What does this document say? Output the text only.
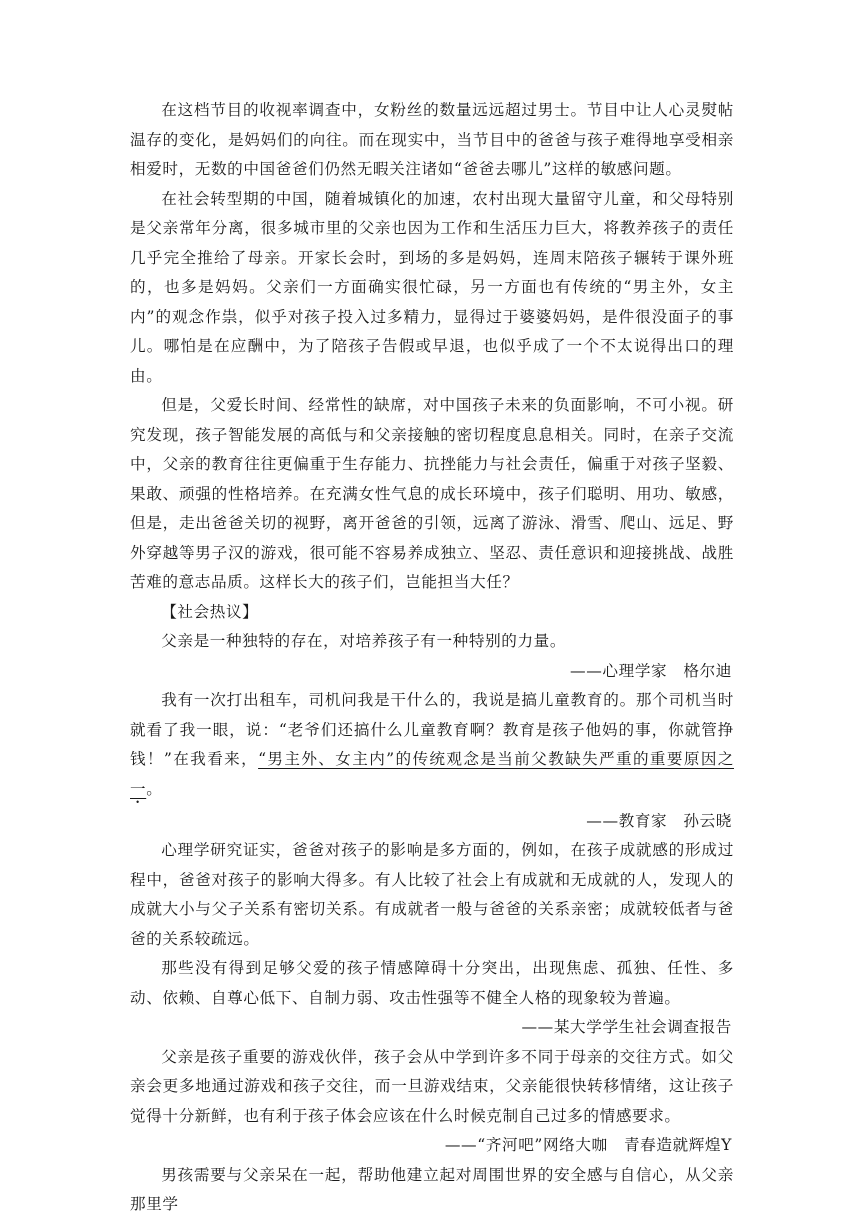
在这档节目的收视率调查中，女粉丝的数量远远超过男士。节目中让人心灵熨帖温存的变化，是妈妈们的向往。而在现实中，当节目中的爸爸与孩子难得地享受相亲相爱时，无数的中国爸爸们仍然无暇关注诸如“爸爸去哪儿”这样的敏感问题。

在社会转型期的中国，随着城镇化的加速，农村出现大量留守儿童，和父母特别是父亲常年分离，很多城市里的父亲也因为工作和生活压力巨大，将教养孩子的责任几乎完全推给了母亲。开家长会时，到场的多是妈妈，连周末陪孩子辗转于课外班的，也多是妈妈。父亲们一方面确实很忙碌，另一方面也有传统的“男主外，女主内”的观念作祟，似乎对孩子投入过多精力，显得过于婆婆妈妈，是件很没面子的事儿。哪怕是在应酬中，为了陪孩子告假或早退，也似乎成了一个不太说得出口的理由。

但是，父爱长时间、经常性的缺席，对中国孩子未来的负面影响，不可小视。研究发现，孩子智能发展的高低与和父亲接触的密切程度息息相关。同时，在亲子交流中，父亲的教育往往更偏重于生存能力、抗挫能力与社会责任，偏重于对孩子坚毅、果敢、顽强的性格培养。在充满女性气息的成长环境中，孩子们聪明、用功、敏感，但是，走出爸爸关切的视野，离开爸爸的引领，远离了游泳、滑雪、爬山、远足、野外穿越等男子汉的游戏，很可能不容易养成独立、坚忍、责任意识和迎接挑战、战胜苦难的意志品质。这样长大的孩子们，岂能担当大任？

【社会热议】

父亲是一种独特的存在，对培养孩子有一种特别的力量。

——心理学家　格尔迪

我有一次打出租车，司机问我是干什么的，我说是搞儿童教育的。那个司机当时就看了我一眼，说：“老爷们还搞什么儿童教育啊？教育是孩子他妈的事，你就管挣钱！”在我看来，“男主外、女主内”的传统观念是当前父教缺失严重的重要原因之一。

——教育家　孙云晓

心理学研究证实，爸爸对孩子的影响是多方面的，例如，在孩子成就感的形成过程中，爸爸对孩子的影响大得多。有人比较了社会上有成就和无成就的人，发现人的成就大小与父子关系有密切关系。有成就者一般与爸爸的关系亲密；成就较低者与爸爸的关系较疏远。

那些没有得到足够父爱的孩子情感障碍十分突出，出现焦虑、孤独、任性、多动、依赖、自尊心低下、自制力弱、攻击性强等不健全人格的现象较为普遍。

——某大学学生社会调查报告

父亲是孩子重要的游戏伙伴，孩子会从中学到许多不同于母亲的交往方式。如父亲会更多地通过游戏和孩子交往，而一旦游戏结束，父亲能很快转移情绪，这让孩子觉得十分新鲜，也有利于孩子体会应该在什么时候克制自己过多的情感要求。

——“齐河吧”网络大咖　青春造就辉煌Y

男孩需要与父亲呆在一起，帮助他建立起对周围世界的安全感与自信心，从父亲那里学
